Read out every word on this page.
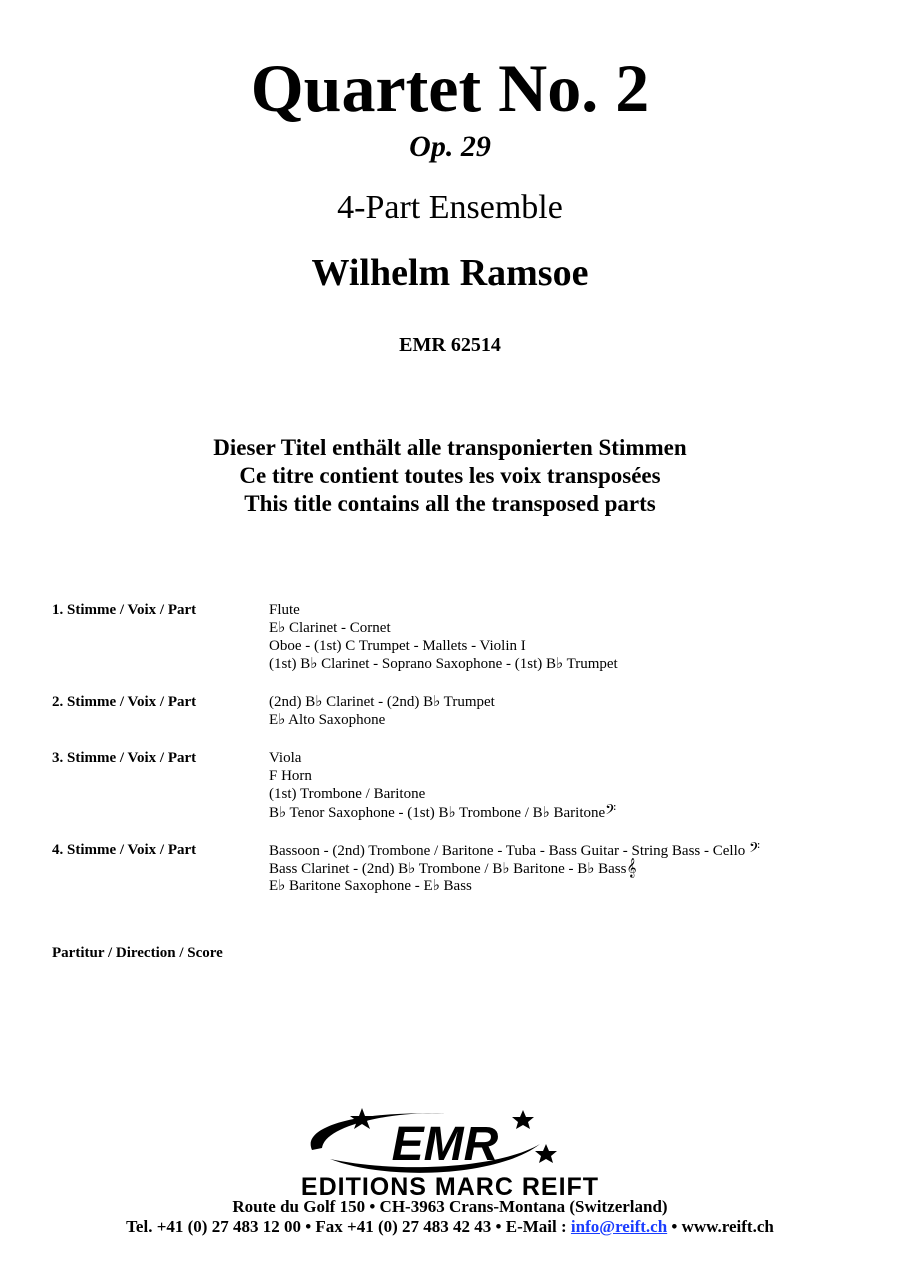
Quartet No. 2
Op. 29
4-Part Ensemble
Wilhelm Ramsoe
EMR 62514
Dieser Titel enthält alle transponierten Stimmen
Ce titre contient toutes les voix transposées
This title contains all the transposed parts
1. Stimme / Voix / Part	Flute
E♭ Clarinet - Cornet
Oboe - (1st) C Trumpet - Mallets - Violin I
(1st) B♭ Clarinet - Soprano Saxophone - (1st) B♭ Trumpet
2. Stimme / Voix / Part	(2nd) B♭ Clarinet - (2nd) B♭ Trumpet
E♭ Alto Saxophone
3. Stimme / Voix / Part	Viola
F Horn
(1st) Trombone / Baritone
B♭ Tenor Saxophone - (1st) B♭ Trombone / B♭ Baritone𝄢
4. Stimme / Voix / Part	Bassoon - (2nd) Trombone / Baritone - Tuba - Bass Guitar - String Bass - Cello 𝄢
Bass Clarinet - (2nd) B♭ Trombone / B♭ Baritone - B♭ Bass𝄞
E♭ Baritone Saxophone - E♭ Bass
Partitur / Direction / Score
EMR
EDITIONS MARC REIFT
Route du Golf 150 • CH-3963 Crans-Montana (Switzerland)
Tel. +41 (0) 27 483 12 00 • Fax +41 (0) 27 483 42 43 • E-Mail : info@reift.ch • www.reift.ch
